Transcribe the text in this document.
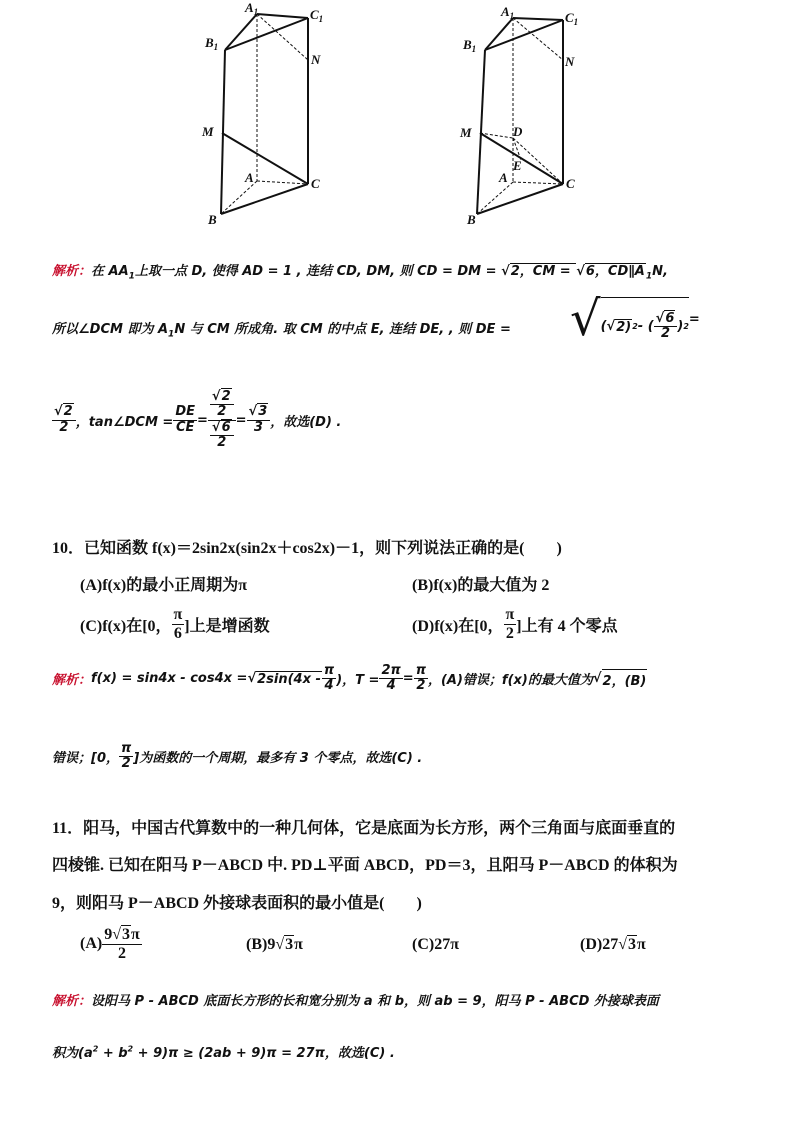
$A_1$	$C_1$
$B_1$
N
M
A	C
B
$A_1$	$C_1$
$B_1$
N
M	D
E
A	C
B
解析：在 $AA_1$上取一点 D, 使得 AD = 1 , 连结 CD, DM, 则 CD = DM = √2，CM = √6，$CD\parallel A_1N$,
所以∠DCM 即为 $A_1N$ 与 CM 所成角. 取 CM 的中点 E, 连结 DE, , 则 DE = √ ( √ 2) 2 - ( $\frac{√6}{2}$ ) 2 =
$\frac{√2}{2}$ ，tan∠DCM = $\frac{DE}{CE} = \frac{\frac{√2}{2}}{\frac{√6}{2}} = \frac{√3}{3}$ ，故选(D) .
10．已知函数 f(x)＝2sin2x(sin2x＋cos2x)－1，则下列说法正确的是(　　)
(A)f(x)的最小正周期为π	(B)f(x)的最大值为 2
(C)f(x)在[0， $\frac{\pi}{6}$ ]上是增函数	(D)f(x)在[0， $\frac{\pi}{2}$ ]上有 4 个零点
解析： f(x) = sin4x - cos4x = √ $2\sin(4x - \frac{\pi}{4}$ )，$T = \frac{2\pi}{4} = \frac{\pi}{2}$ ，(A)错误；f(x)的最大值为 √ 2，(B)
错误；[0， $\frac{\pi}{2}$ ]为函数的一个周期，最多有 3 个零点，故选(C) .
11．阳马，中国古代算数中的一种几何体，它是底面为长方形，两个三角面与底面垂直的
四棱锥. 已知在阳马 P－ABCD 中. PD⊥平面 ABCD，PD＝3，且阳马 P－ABCD 的体积为
9，则阳马 P－ABCD 外接球表面积的最小值是(　　)
$(A) \frac{9√3\pi}{2}$	(B)9√3π	(C)27π	(D)27√3π
解析：设阳马 P - ABCD 底面长方形的长和宽分别为 a 和 b，则 ab = 9，阳马 P - ABCD 外接球表面
积为$(a^2 + b^2 + 9)\pi \ge (2ab + 9)\pi = 27\pi$，故选(C) .
